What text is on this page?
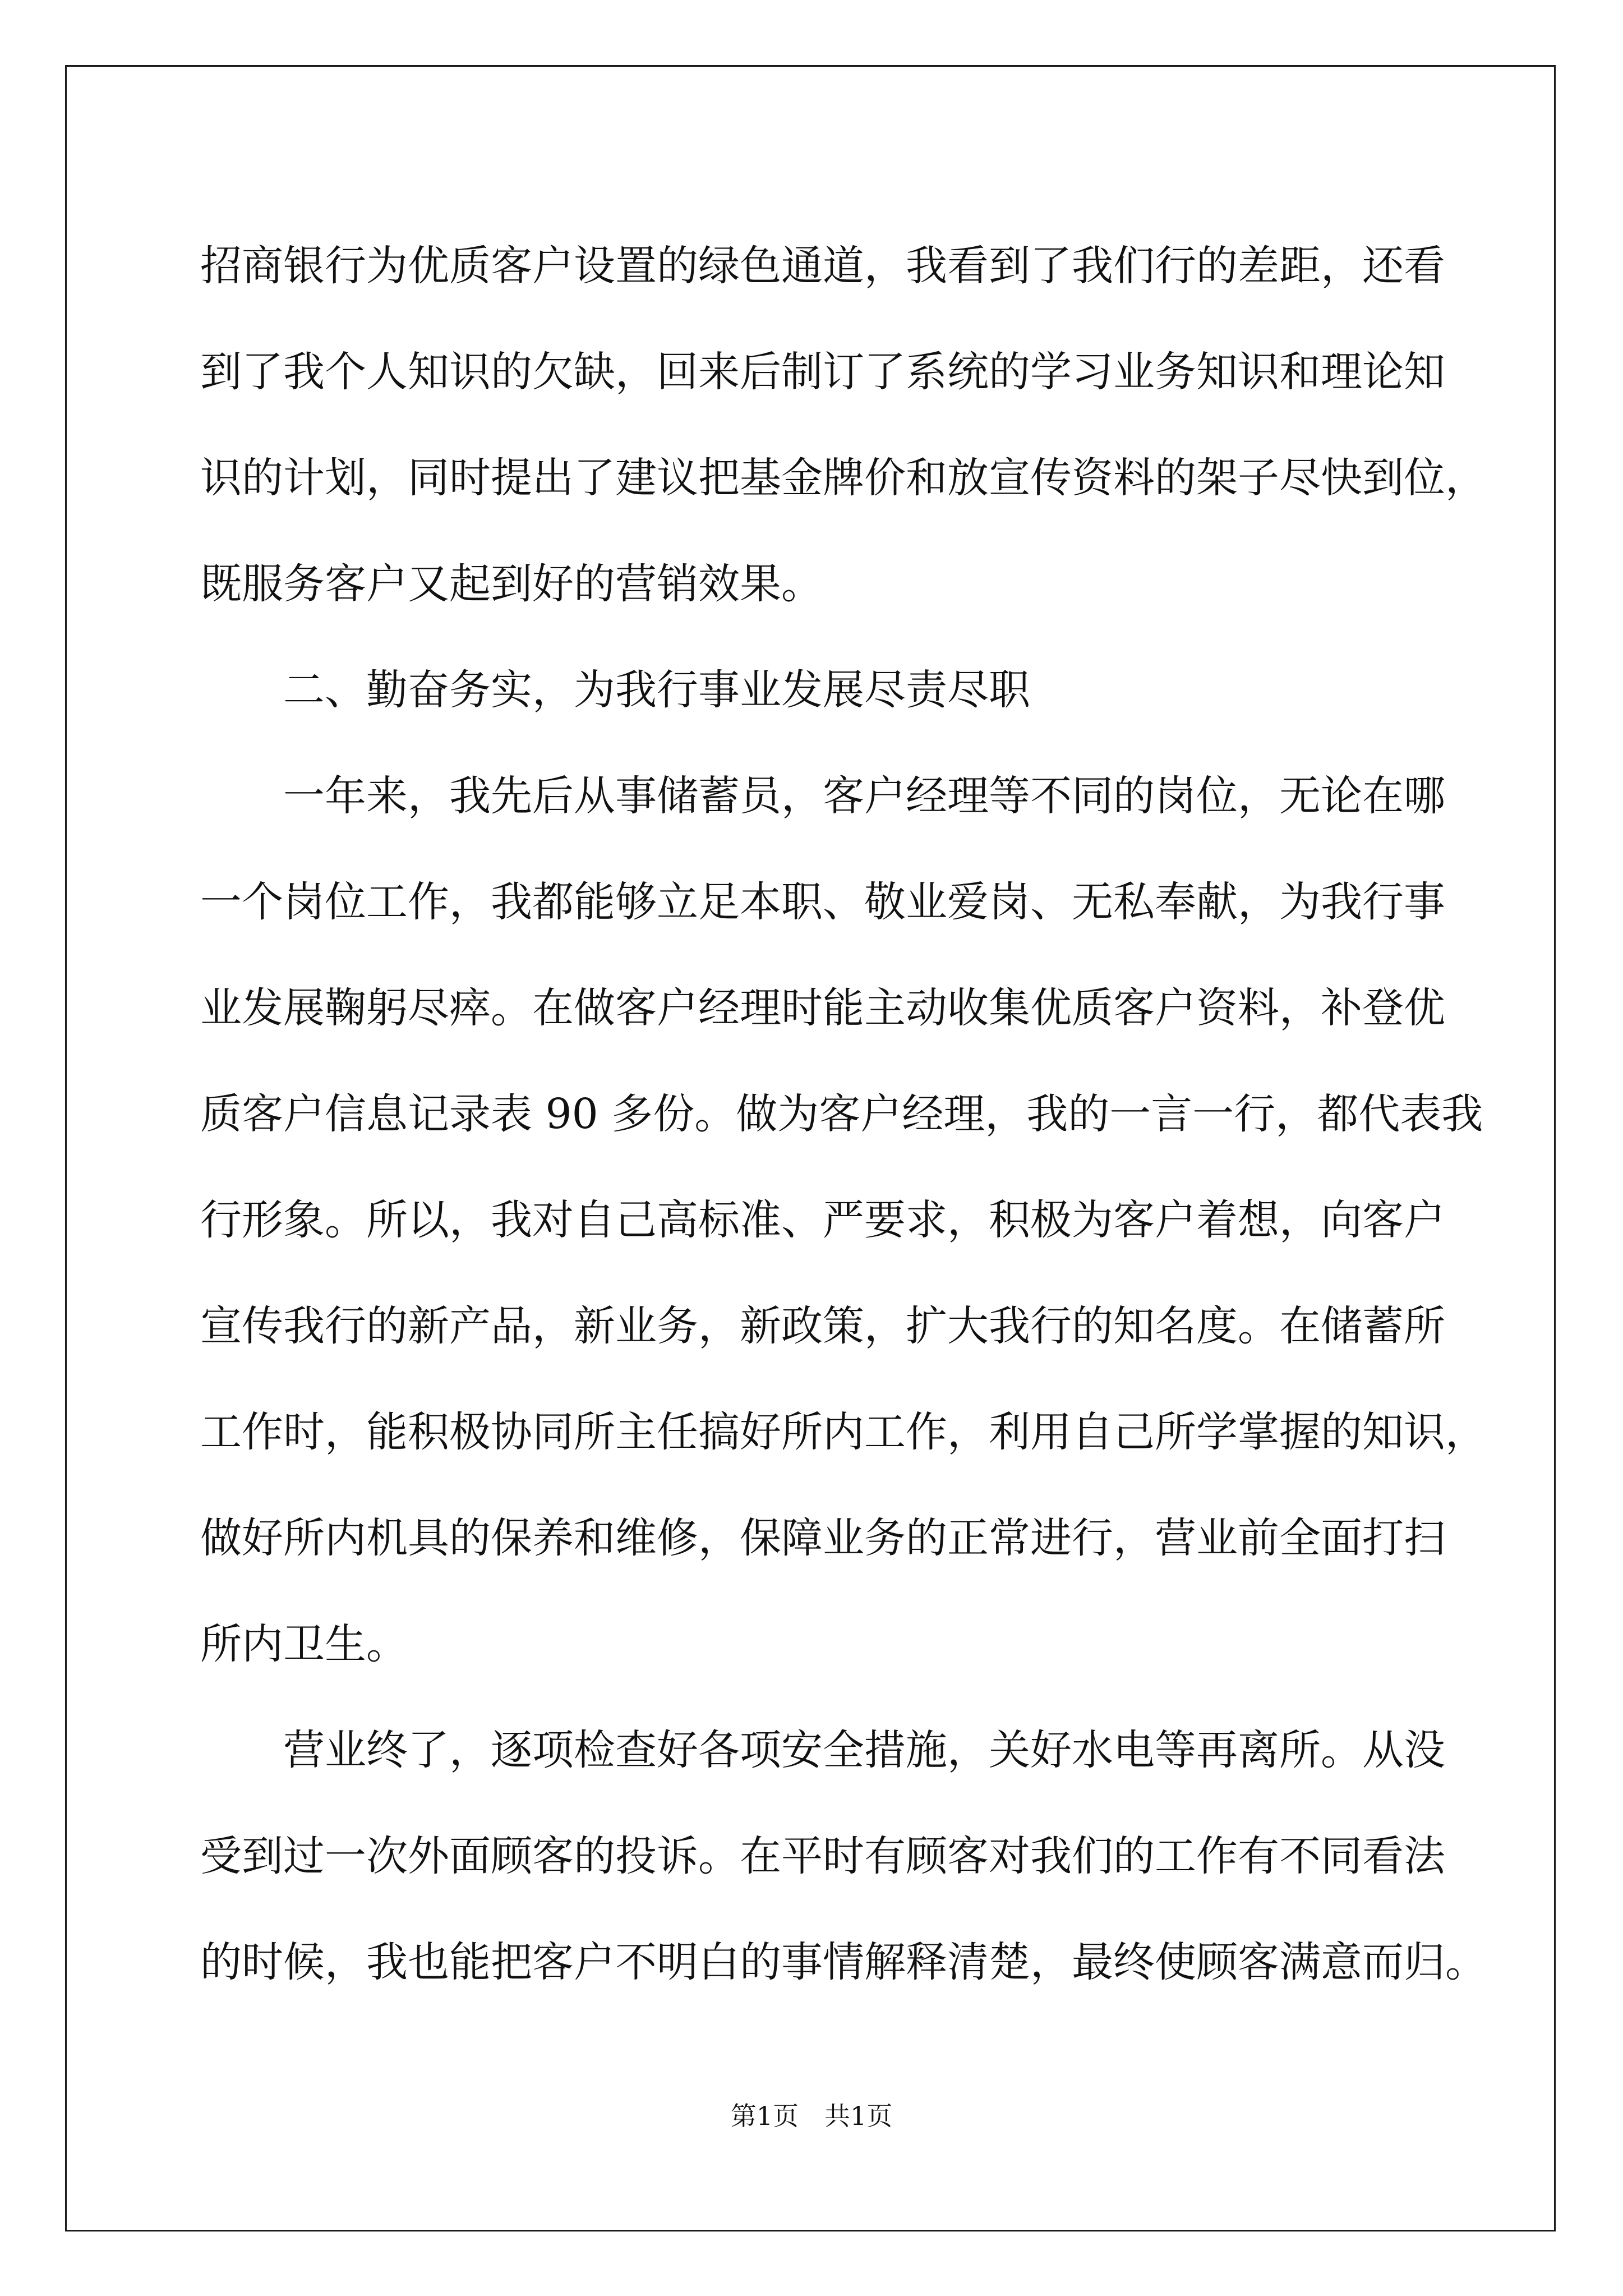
招商银行为优质客户设置的绿色通道，我看到了我们行的差距，还看
到了我个人知识的欠缺，回来后制订了系统的学习业务知识和理论知
识的计划，同时提出了建议把基金牌价和放宣传资料的架子尽快到位，
既服务客户又起到好的营销效果。
二、勤奋务实，为我行事业发展尽责尽职
一年来，我先后从事储蓄员，客户经理等不同的岗位，无论在哪
一个岗位工作，我都能够立足本职、敬业爱岗、无私奉献，为我行事
业发展鞠躬尽瘁。在做客户经理时能主动收集优质客户资料，补登优
质客户信息记录表 90 多份。做为客户经理，我的一言一行，都代表我
行形象。所以，我对自己高标准、严要求，积极为客户着想，向客户
宣传我行的新产品，新业务，新政策，扩大我行的知名度。在储蓄所
工作时，能积极协同所主任搞好所内工作，利用自己所学掌握的知识，
做好所内机具的保养和维修，保障业务的正常进行，营业前全面打扫
所内卫生。
营业终了，逐项检查好各项安全措施，关好水电等再离所。从没
受到过一次外面顾客的投诉。在平时有顾客对我们的工作有不同看法
的时候，我也能把客户不明白的事情解释清楚，最终使顾客满意而归。
第1页　共1页
